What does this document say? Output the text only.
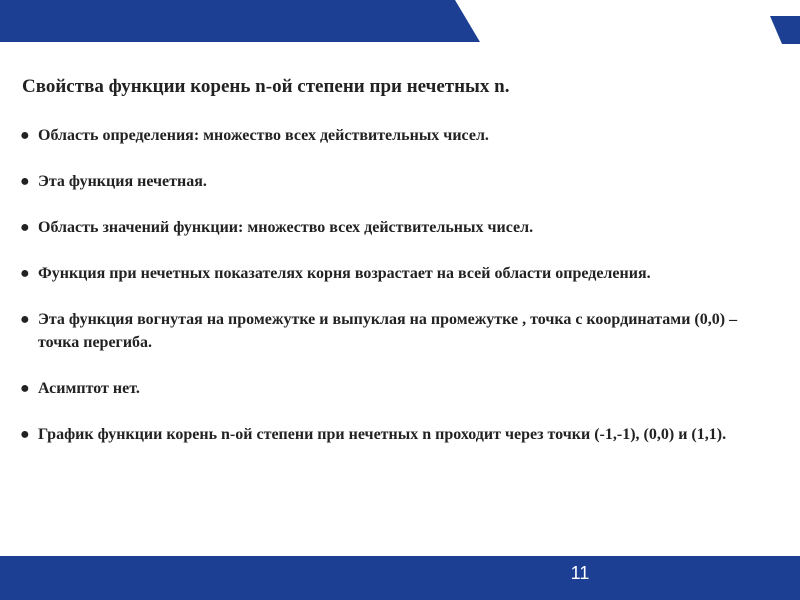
Свойства функции корень n-ой степени при нечетных n.
● Область определения: множество всех действительных чисел.
● Эта функция нечетная.
● Область значений функции: множество всех действительных чисел.
● Функция при нечетных показателях корня возрастает на всей области определения.
● Эта функция вогнутая на промежутке и выпуклая на промежутке , точка с координатами (0,0) – точка перегиба.
● Асимптот нет.
● График функции корень n-ой степени при нечетных n проходит через точки (-1,-1), (0,0) и (1,1).
11
